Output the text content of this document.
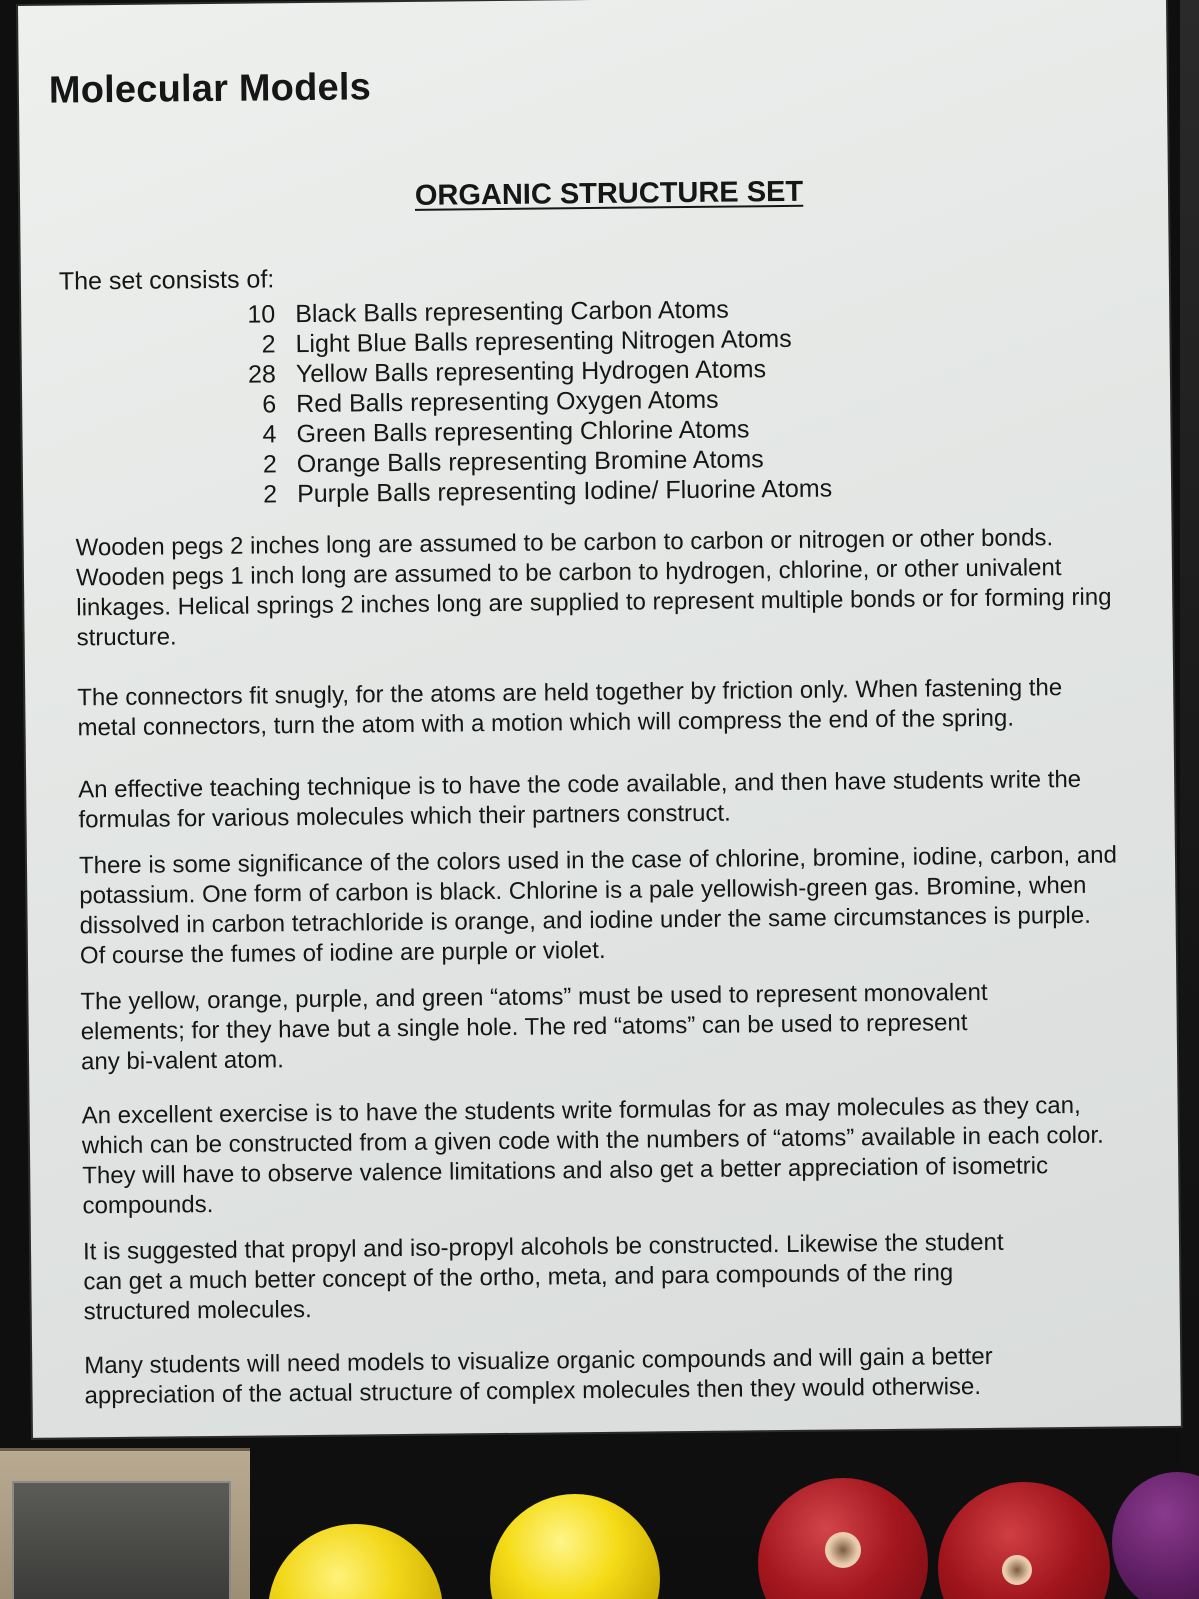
Molecular Models
ORGANIC STRUCTURE SET

The set consists of:

10 Black Balls representing Carbon Atoms
2 Light Blue Balls representing Nitrogen Atoms
28 Yellow Balls representing Hydrogen Atoms
6 Red Balls representing Oxygen Atoms
4 Green Balls representing Chlorine Atoms
2 Orange Balls representing Bromine Atoms
2 Purple Balls representing Iodine/ Fluorine Atoms

Wooden pegs 2 inches long are assumed to be carbon to carbon or nitrogen or other bonds. Wooden pegs 1 inch long are assumed to be carbon to hydrogen, chlorine, or other univalent linkages. Helical springs 2 inches long are supplied to represent multiple bonds or for forming ring structure.

The connectors fit snugly, for the atoms are held together by friction only. When fastening the metal connectors, turn the atom with a motion which will compress the end of the spring.

An effective teaching technique is to have the code available, and then have students write the formulas for various molecules which their partners construct.

There is some significance of the colors used in the case of chlorine, bromine, iodine, carbon, and potassium. One form of carbon is black. Chlorine is a pale yellowish-green gas. Bromine, when dissolved in carbon tetrachloride is orange, and iodine under the same circumstances is purple. Of course the fumes of iodine are purple or violet.

The yellow, orange, purple, and green “atoms” must be used to represent monovalent elements; for they have but a single hole. The red “atoms” can be used to represent any bi-valent atom.

An excellent exercise is to have the students write formulas for as may molecules as they can, which can be constructed from a given code with the numbers of “atoms” available in each color. They will have to observe valence limitations and also get a better appreciation of isometric compounds.

It is suggested that propyl and iso-propyl alcohols be constructed. Likewise the student can get a much better concept of the ortho, meta, and para compounds of the ring structured molecules.

Many students will need models to visualize organic compounds and will gain a better appreciation of the actual structure of complex molecules then they would otherwise.
